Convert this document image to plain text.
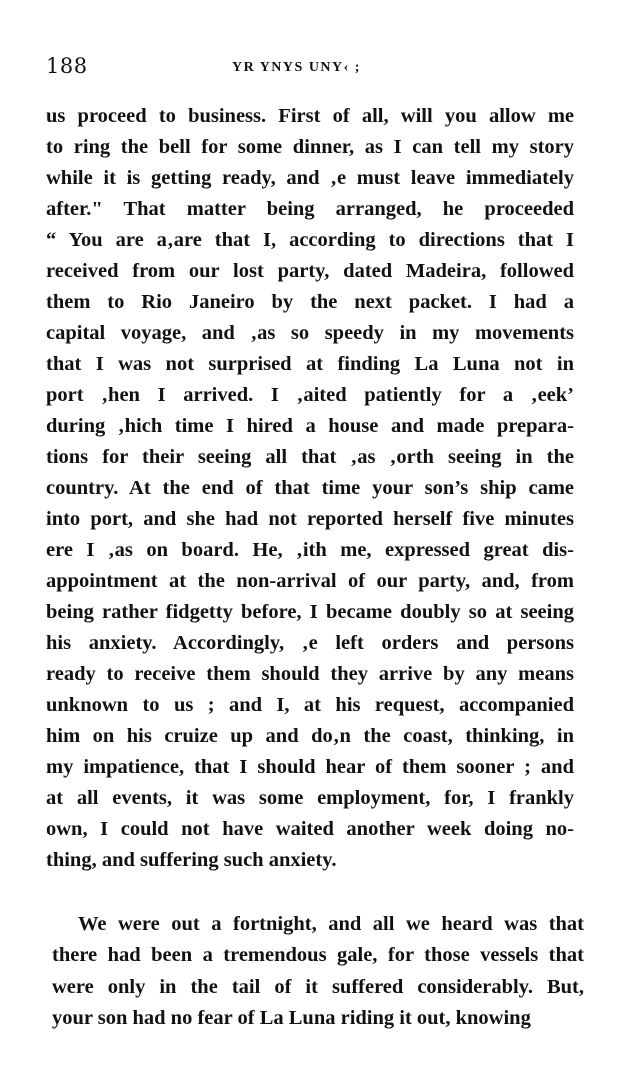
188	YR YNYS UNY‹ ;
us proceed to business. First of all, will you allow me
to ring the bell for some dinner, as I can tell my story
while it is getting ready, and ‚e must leave immediately
after." That matter being arranged, he proceeded
“ You are a‚are that I, according to directions that I
received from our lost party, dated Madeira, followed
them to Rio Janeiro by the next packet. I had a
capital voyage, and ‚as so speedy in my movements
that I was not surprised at finding La Luna not in
port ‚hen I arrived. I ‚aited patiently for a ‚eek’
during ‚hich time I hired a house and made prepara-
tions for their seeing all that ‚as ‚orth seeing in the
country. At the end of that time your son’s ship came
into port, and she had not reported herself five minutes
ere I ‚as on board. He, ‚ith me, expressed great dis-
appointment at the non-arrival of our party, and, from
being rather fidgetty before, I became doubly so at seeing
his anxiety. Accordingly, ‚e left orders and persons
ready to receive them should they arrive by any means
unknown to us ; and I, at his request, accompanied
him on his cruize up and do‚n the coast, thinking, in
my impatience, that I should hear of them sooner ; and
at all events, it was some employment, for, I frankly
own, I could not have waited another week doing no-
thing, and suffering such anxiety.
We were out a fortnight, and all we heard was that
there had been a tremendous gale, for those vessels that
were only in the tail of it suffered considerably. But,
your son had no fear of La Luna riding it out, knowing
